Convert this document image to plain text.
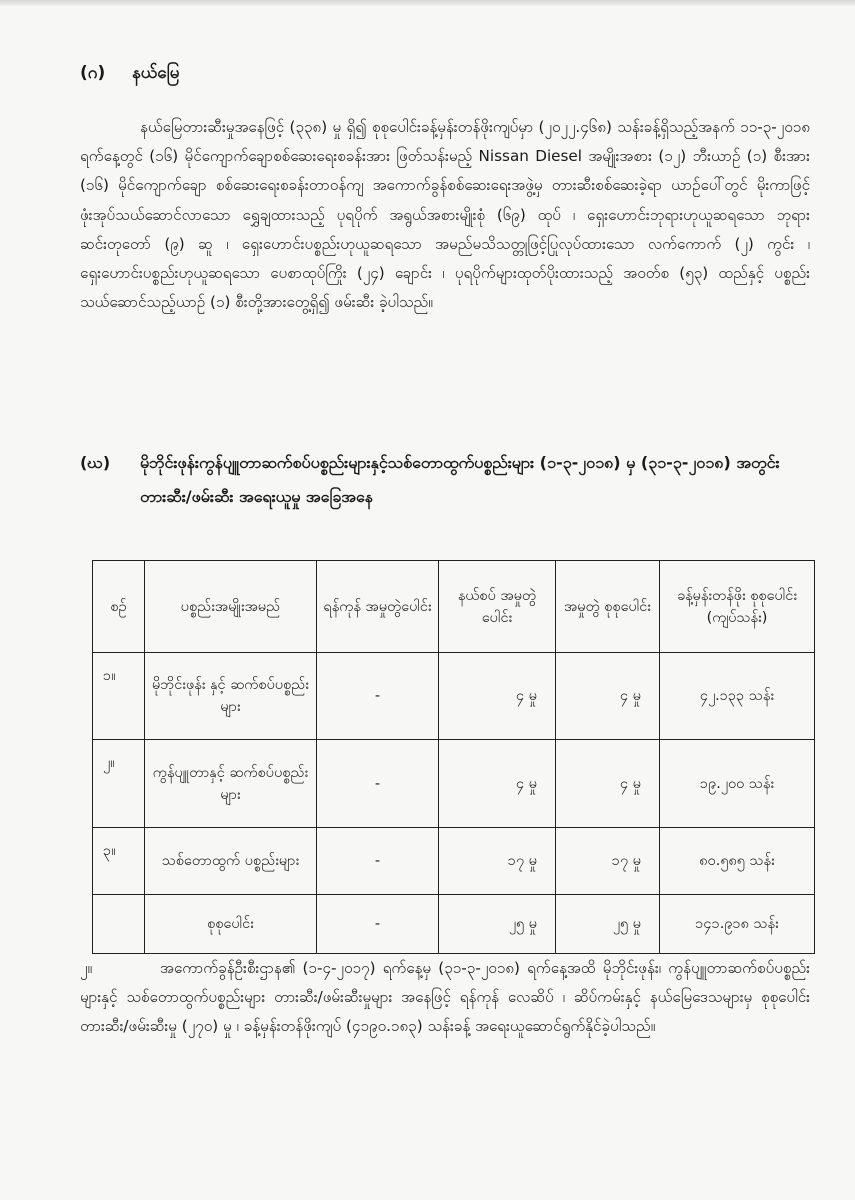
(ဂ) နယ်မြေ
နယ်မြေတားဆီးမှုအနေဖြင့် (၃၃၈) မှု ရှိ၍ စုစုပေါင်းခန့်မှန်းတန်ဖိုးကျပ်မှာ (၂၀၂၂.၄၆၈) သန်းခန့်ရှိသည့်အနက် ၁၁-၃-၂၀၁၈ ရက်နေ့တွင် (၁၆) မိုင်ကျောက်ချောစစ်ဆေးရေးစခန်းအား ဖြတ်သန်းမည့် Nissan Diesel အမျိုးအစား (၁၂) ဘီးယာဉ် (၁) စီးအား (၁၆) မိုင်ကျောက်ချော စစ်ဆေးရေးစခန်းတာဝန်ကျ အကောက်ခွန်စစ်ဆေးရေးအဖွဲ့မှ တားဆီးစစ်ဆေးခဲ့ရာ ယာဉ်ပေါ်တွင် မိုးကာဖြင့်ဖုံးအုပ်သယ်ဆောင်လာသော ရွှေချထားသည့် ပုရပိုက် အရွယ်အစားမျိုးစုံ (၆၉) ထုပ် ၊ ရှေးဟောင်းဘုရားဟုယူဆရသော ဘုရားဆင်းတုတော် (၉) ဆူ ၊ ရှေးဟောင်းပစ္စည်းဟုယူဆရသော အမည်မသိသတ္တုဖြင့်ပြုလုပ်ထားသော လက်ကောက် (၂) ကွင်း ၊ ရှေးဟောင်းပစ္စည်းဟုယူဆရသော ပေစာထုပ်ကြိုး (၂၄) ချောင်း ၊ ပုရပိုက်များထုတ်ပိုးထားသည့် အဝတ်စ (၅၃) ထည်နှင့် ပစ္စည်းသယ်ဆောင်သည့်ယာဉ် (၁) စီးတို့အားတွေ့ရှိ၍ ဖမ်းဆီး ခဲ့ပါသည်။
(ဃ) မိုဘိုင်းဖုန်းကွန်ပျူတာဆက်စပ်ပစ္စည်းများနှင့်သစ်တောထွက်ပစ္စည်းများ (၁-၃-၂၀၁၈) မှ (၃၁-၃-၂၀၁၈) အတွင်း တားဆီး/ဖမ်းဆီး အရေးယူမှု အခြေအနေ
စဉ်	ပစ္စည်းအမျိုးအမည်	ရန်ကုန် အမှုတွဲပေါင်း	နယ်စပ် အမှုတွဲပေါင်း	အမှုတွဲ စုစုပေါင်း	ခန့်မှန်းတန်ဖိုး စုစုပေါင်း (ကျပ်သန်း)
၁။	မိုဘိုင်းဖုန်း နှင့် ဆက်စပ်ပစ္စည်းများ	-	၄ မှု	၄ မှု	၄၂.၁၃၃ သန်း
၂။	ကွန်ပျူတာနှင့် ဆက်စပ်ပစ္စည်းများ	-	၄ မှု	၄ မှု	၁၉.၂၀၀ သန်း
၃။	သစ်တောထွက် ပစ္စည်းများ	-	၁၇ မှု	၁၇ မှု	၈၀.၅၈၅ သန်း
	စုစုပေါင်း	-	၂၅ မှု	၂၅ မှု	၁၄၁.၉၁၈ သန်း
၂။	အကောက်ခွန်ဦးစီးဌာန၏ (၁-၄-၂၀၁၇) ရက်နေ့မှ (၃၁-၃-၂၀၁၈) ရက်နေ့အထိ မိုဘိုင်းဖုန်း၊ ကွန်ပျူတာဆက်စပ်ပစ္စည်းများနှင့် သစ်တောထွက်ပစ္စည်းများ တားဆီး/ဖမ်းဆီးမှုများ အနေဖြင့် ရန်ကုန် လေဆိပ် ၊ ဆိပ်ကမ်းနှင့် နယ်မြေဒေသများမှ စုစုပေါင်း တားဆီး/ဖမ်းဆီးမှု (၂၇၀) မှု ၊ ခန့်မှန်းတန်ဖိုးကျပ် (၄၁၉၀.၁၈၃) သန်းခန့် အရေးယူဆောင်ရွက်နိုင်ခဲ့ပါသည်။
